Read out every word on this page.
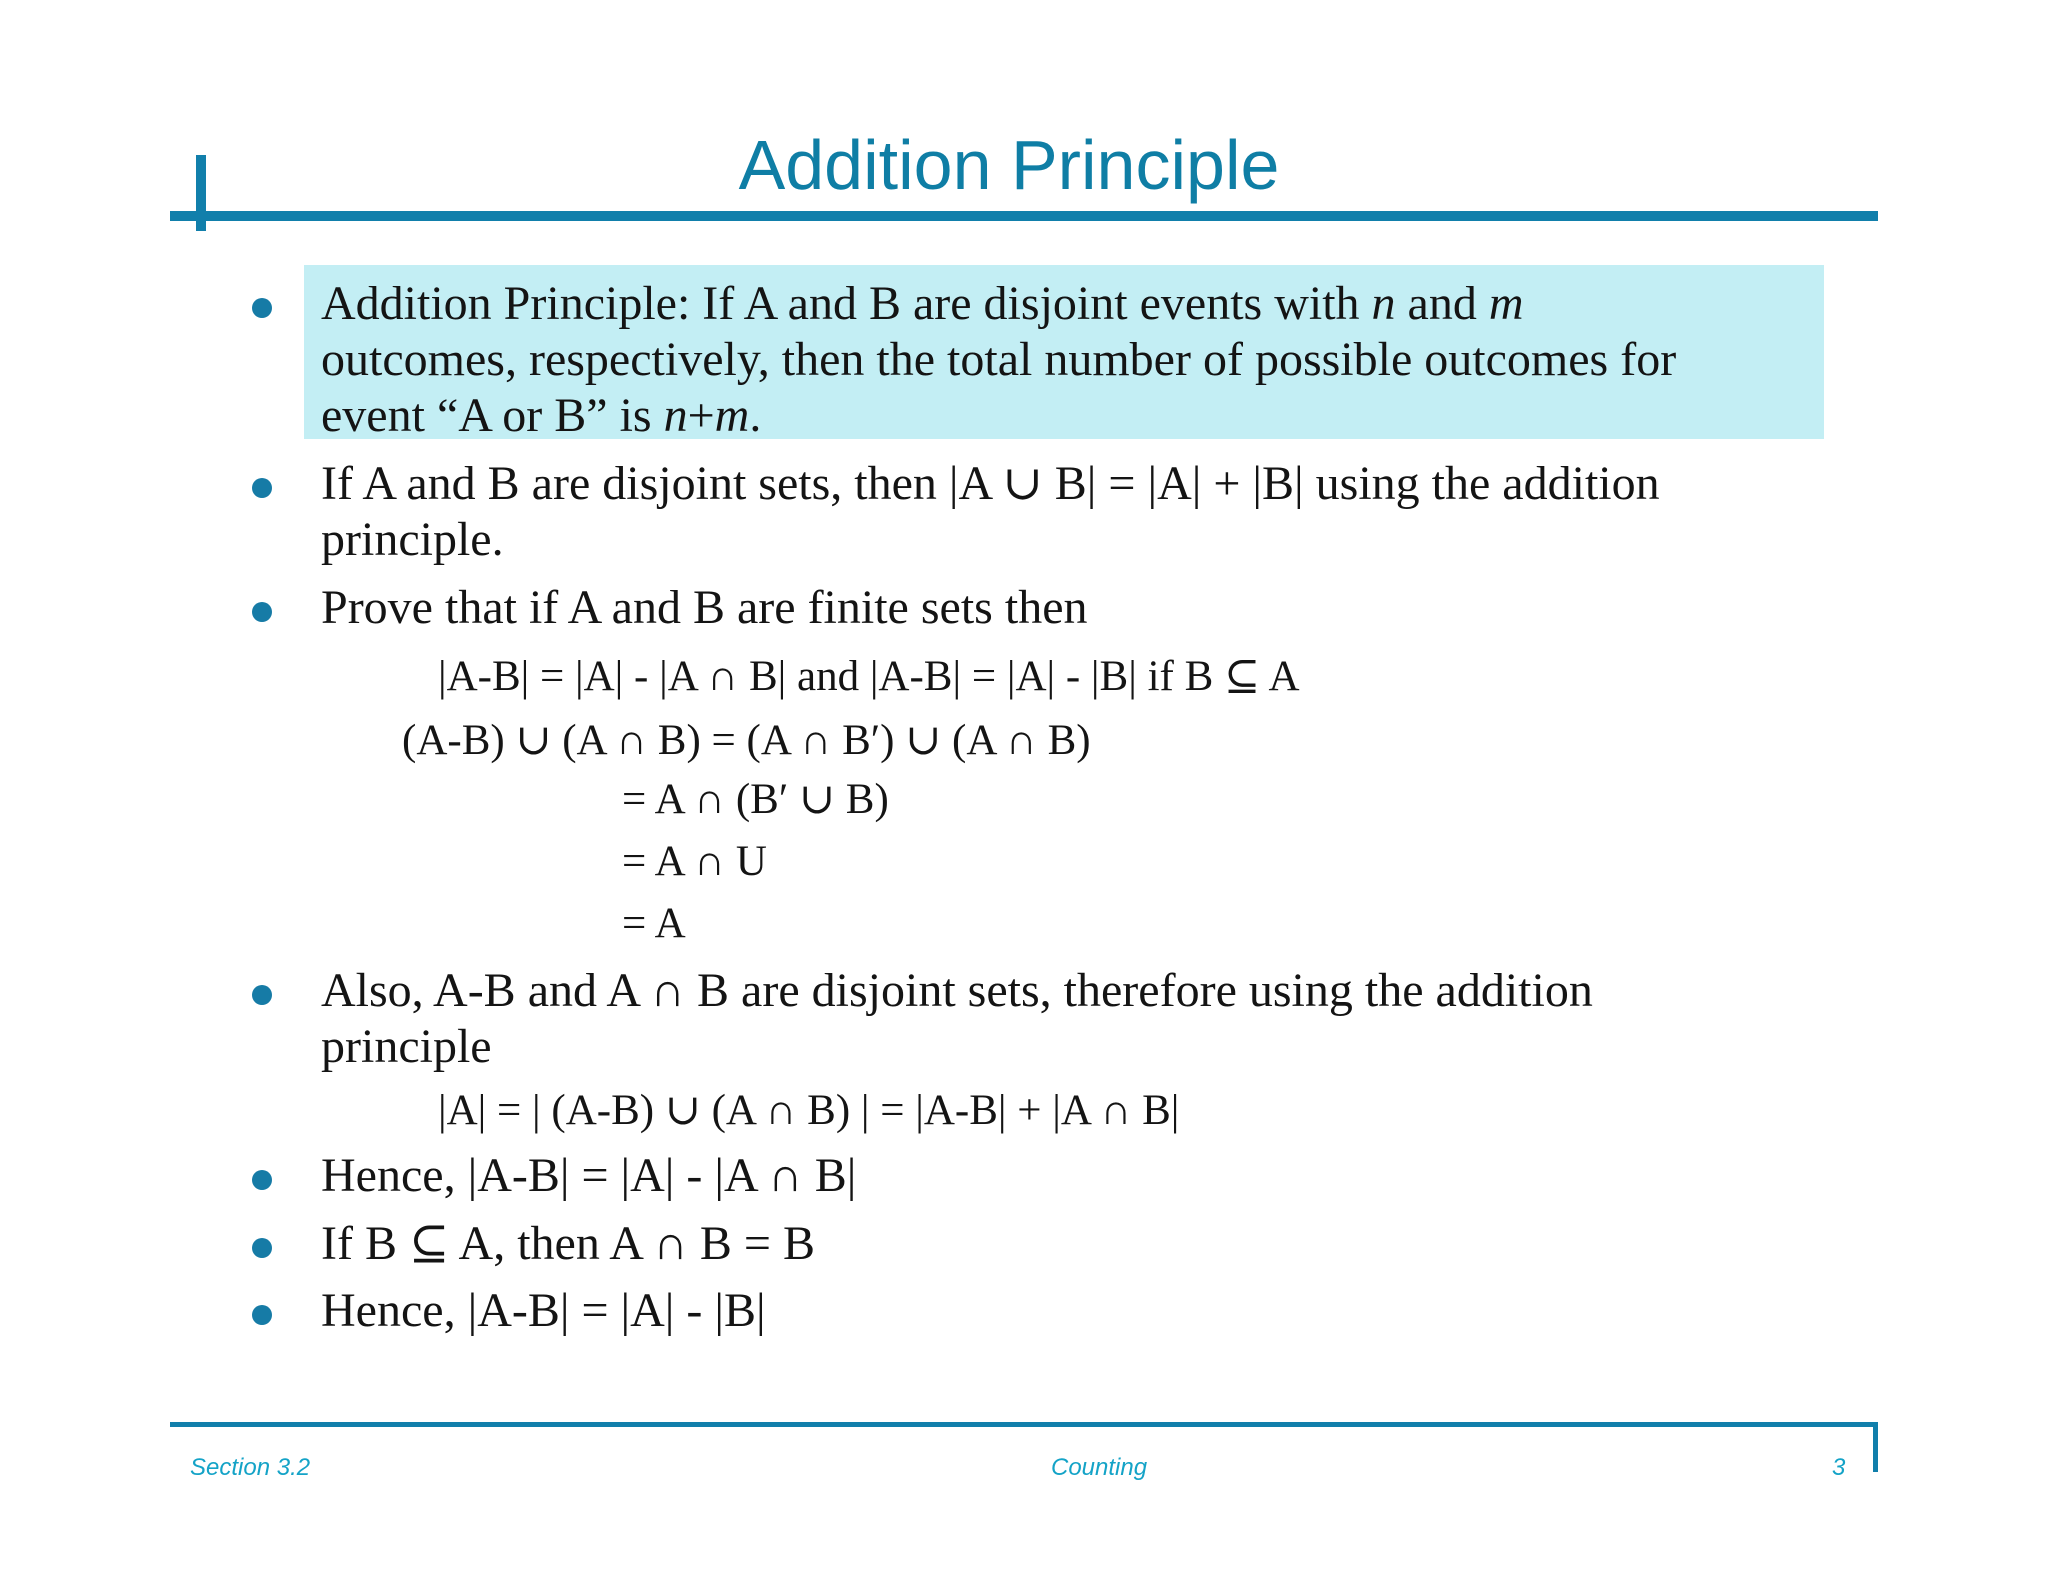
Addition Principle
Addition Principle: If A and B are disjoint events with n and m
outcomes, respectively, then the total number of possible outcomes for
event “A or B” is n+m.
If A and B are disjoint sets, then |A ∪ B| = |A| + |B| using the addition
principle.
Prove that if A and B are finite sets then
|A-B| = |A| - |A ∩ B| and |A-B| = |A| - |B| if B ⊆ A
(A-B) ∪ (A ∩ B) = (A ∩ B′) ∪ (A ∩ B)
= A ∩ (B′ ∪ B)
= A ∩ U
= A
Also, A-B and A ∩ B are disjoint sets, therefore using the addition
principle
|A| = | (A-B) ∪ (A ∩ B) | = |A-B| + |A ∩ B|
Hence, |A-B| = |A| - |A ∩ B|
If B ⊆ A, then A ∩ B = B
Hence, |A-B| = |A| - |B|
Section 3.2	Counting	3
